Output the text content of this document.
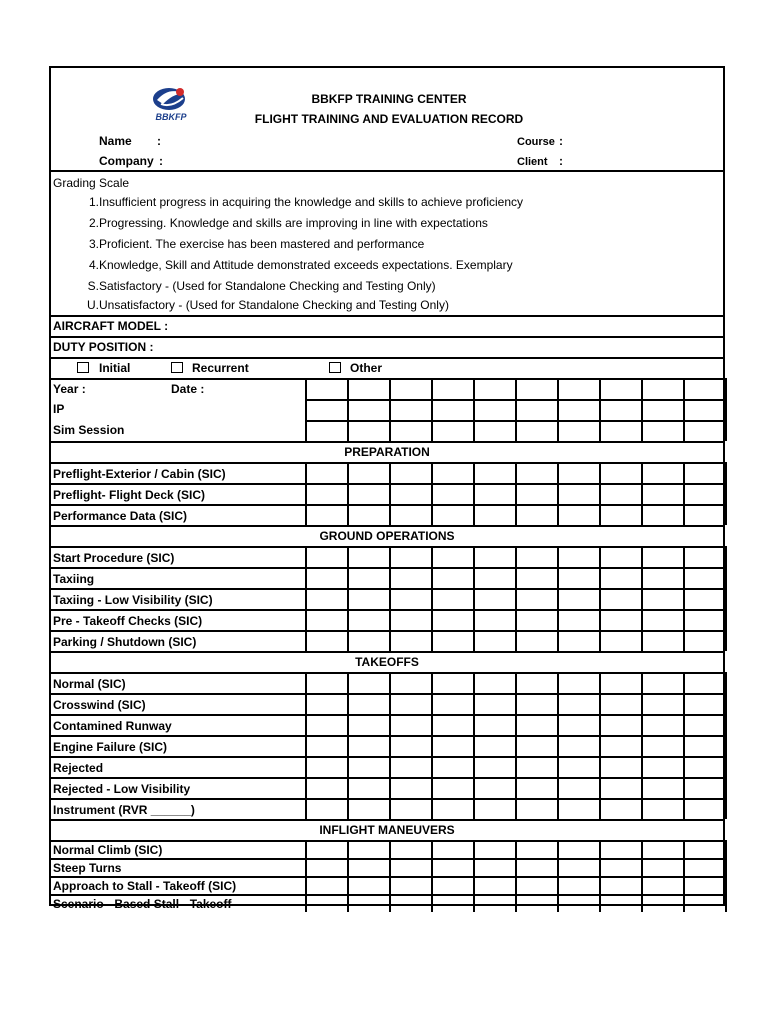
BBKFP
BBKFP TRAINING CENTER
FLIGHT TRAINING AND EVALUATION RECORD
Name :
Company :
Course :
Client :
Grading Scale
1. Insufficient progress in acquiring the knowledge and skills to achieve proficiency
2. Progressing. Knowledge and skills are improving in line with expectations
3. Proficient. The exercise has been mastered and performance
4. Knowledge, Skill and Attitude demonstrated exceeds expectations. Exemplary
S. Satisfactory - (Used for Standalone Checking and Testing Only)
U. Unsatisfactory - (Used for Standalone Checking and Testing Only)
AIRCRAFT MODEL :
DUTY POSITION :
Initial	Recurrent	Other
Year :	Date :
IP
Sim Session
PREPARATION
Preflight-Exterior / Cabin (SIC)
Preflight- Flight Deck (SIC)
Performance Data (SIC)
GROUND OPERATIONS
Start Procedure (SIC)
Taxiing
Taxiing - Low Visibility (SIC)
Pre - Takeoff Checks (SIC)
Parking / Shutdown (SIC)
TAKEOFFS
Normal (SIC)
Crosswind (SIC)
Contamined Runway
Engine Failure (SIC)
Rejected
Rejected - Low Visibility
Instrument (RVR ______)
INFLIGHT MANEUVERS
Normal Climb (SIC)
Steep Turns
Approach to Stall - Takeoff (SIC)
Scenario - Based Stall - Takeoff
